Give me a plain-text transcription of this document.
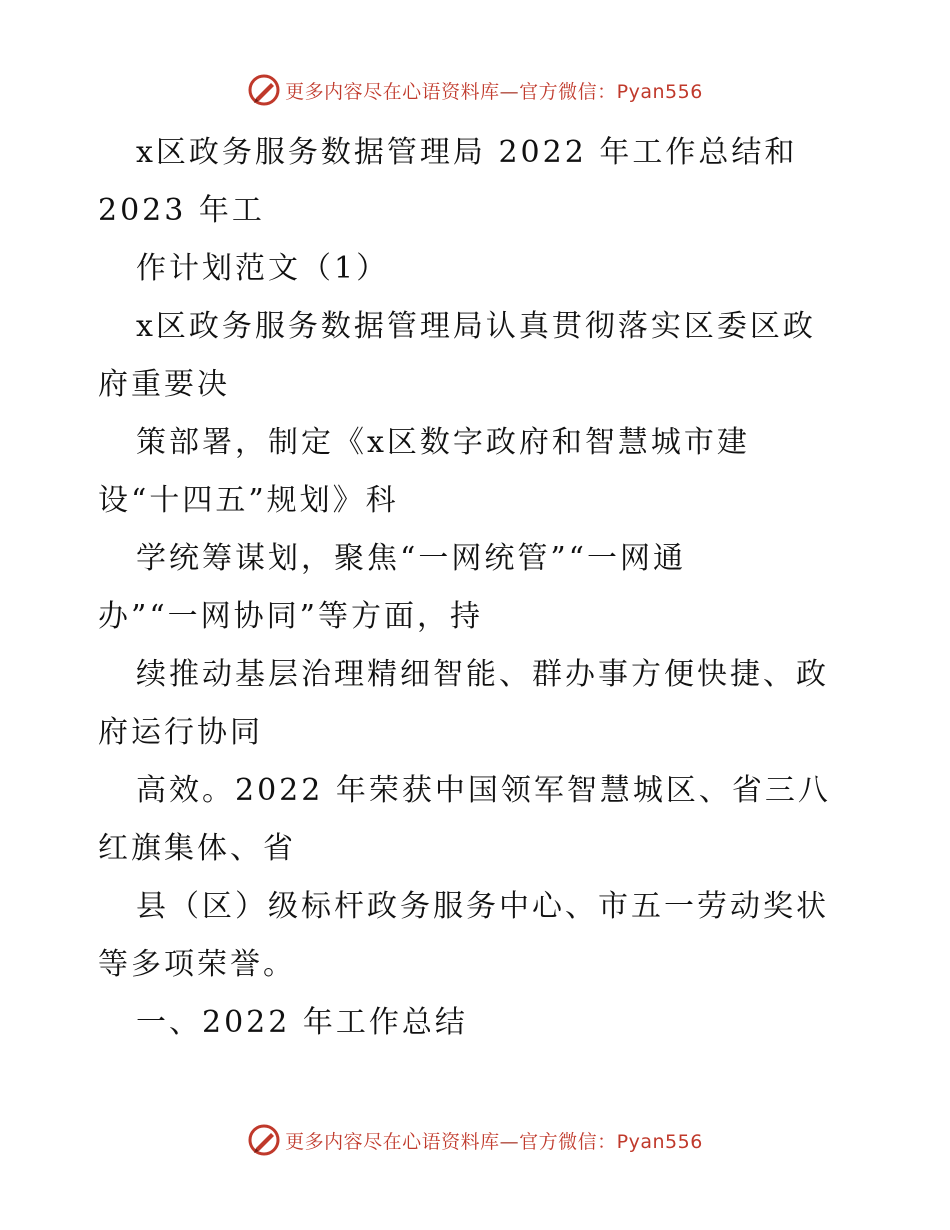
更多内容尽在心语资料库—官方微信：Pyan556
x区政务服务数据管理局 2022 年工作总结和
2023 年工
作计划范文（1）
x区政务服务数据管理局认真贯彻落实区委区政
府重要决
策部署，制定《x区数字政府和智慧城市建
设“十四五”规划》科
学统筹谋划，聚焦“一网统管”“一网通
办”“一网协同”等方面，持
续推动基层治理精细智能、群办事方便快捷、政
府运行协同
高效。2022 年荣获中国领军智慧城区、省三八
红旗集体、省
县（区）级标杆政务服务中心、市五一劳动奖状
等多项荣誉。
一、2022 年工作总结
更多内容尽在心语资料库—官方微信：Pyan556
